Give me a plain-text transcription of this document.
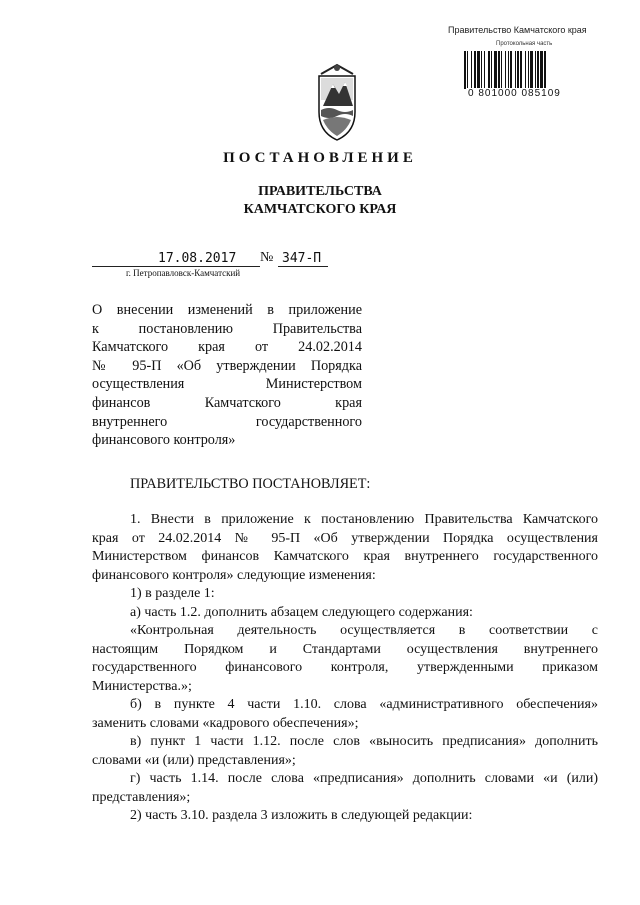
Правительство Камчатского края
Протокольная часть
0 801000 085109
ПОСТАНОВЛЕНИЕ
ПРАВИТЕЛЬСТВА
КАМЧАТСКОГО КРАЯ
17.08.2017 № 347-П
г. Петропавловск-Камчатский

О внесении изменений в приложение

к постановлению Правительства

Камчатского края от 24.02.2014

№ 95-П «Об утверждении Порядка

осуществления Министерством

финансов Камчатского края

внутреннего государственного

финансового контроля»

ПРАВИТЕЛЬСТВО ПОСТАНОВЛЯЕТ:

1. Внести в приложение к постановлению Правительства Камчатского

края от 24.02.2014 № 95-П «Об утверждении Порядка осуществления

Министерством финансов Камчатского края внутреннего государственного

финансового контроля» следующие изменения:

1) в разделе 1:

а) часть 1.2. дополнить абзацем следующего содержания:

«Контрольная деятельность осуществляется в соответствии с

настоящим Порядком и Стандартами осуществления внутреннего

государственного финансового контроля, утвержденными приказом

Министерства.»;

б) в пункте 4 части 1.10. слова «административного обеспечения»

заменить словами «кадрового обеспечения»;

в) пункт 1 части 1.12. после слов «выносить предписания» дополнить

словами «и (или) представления»;

г) часть 1.14. после слова «предписания» дополнить словами «и (или)

представления»;

2) часть 3.10. раздела 3 изложить в следующей редакции:
